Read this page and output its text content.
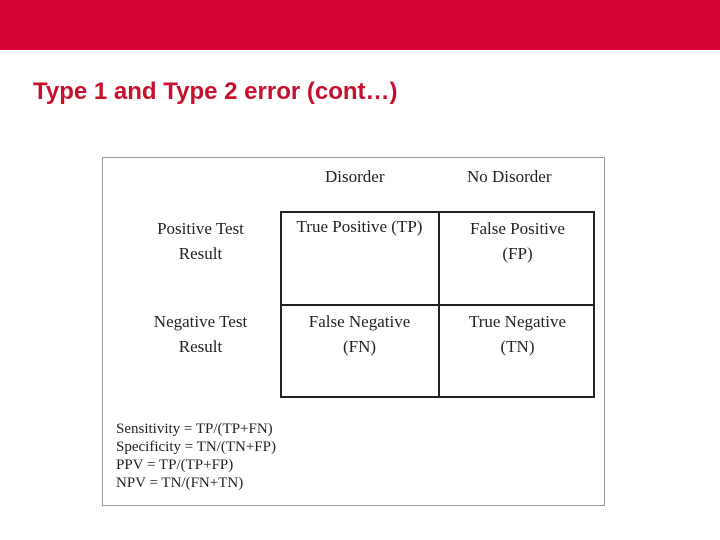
Type 1 and Type 2 error (cont…)
Disorder	No Disorder
Positive Test
Result
Negative Test
Result
True Positive (TP)	False Positive
(FP)
False Negative
(FN)
True Negative
(TN)
Sensitivity = TP/(TP+FN)
Specificity = TN/(TN+FP)
PPV = TP/(TP+FP)
NPV = TN/(FN+TN)
